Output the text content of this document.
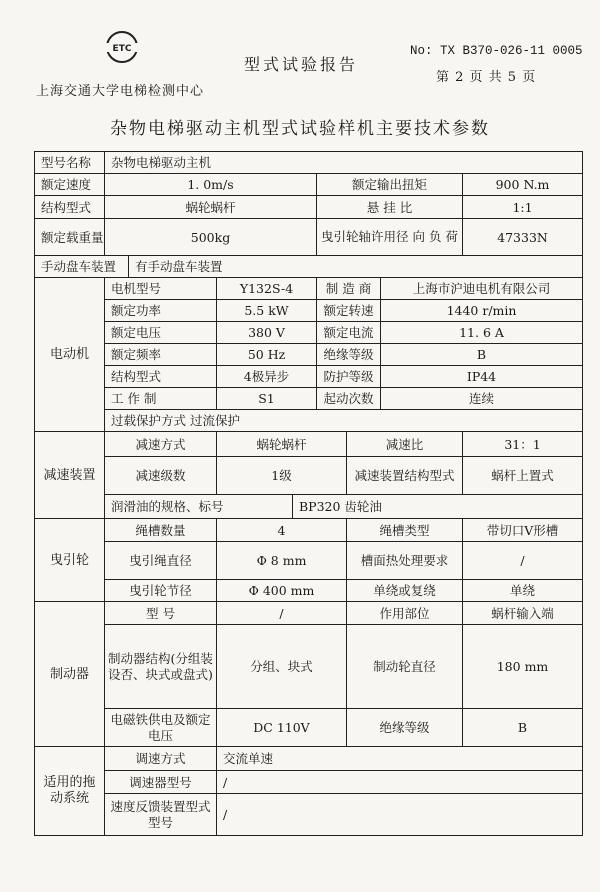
ETC
上海交通大学电梯检测中心
型式试验报告
No: TX B370-026-11 0005
第 2 页 共 5 页
杂物电梯驱动主机型式试验样机主要技术参数
型号名称	杂物电梯驱动主机							
额定速度	1. 0m/s				额定输出扭矩			900 N.m
结构型式	蜗轮蜗杆				悬 挂 比			1:1
额定载重量	500kg				曳引轮轴许用径 向 负 荷			47333N
手动盘车装置		有手动盘车装置						
电动机	电机型号		Y132S-4		制 造 商		上海市沪迪电机有限公司	
	额定功率		5.5 kW		额定转速		1440 r/min	
	额定电压		380 V		额定电流		11. 6 A	
	额定频率		50 Hz		绝缘等级		B	
	结构型式		4极异步		防护等级		IP44	
	工 作 制		S1		起动次数		连续	
	过载保护方式 过流保护							
减速装置	减速方式		蜗轮蜗杆			减速比		31：1
	减速级数		1级			减速装置结构型式		蜗杆上置式
	润滑油的规格、标号			BP320 齿轮油				
曳引轮	绳槽数量		4			绳槽类型		带切口V形槽
	曳引绳直径		Φ 8 mm			槽面热处理要求		/
	曳引轮节径		Φ 400 mm			单绕或复绕		单绕
制动器	型 号		/			作用部位		蜗杆输入端
	制动器结构(分组装设否、块式或盘式)		分组、块式			制动轮直径		180 mm
	电磁铁供电及额定电压		DC 110V			绝缘等级		B
适用的拖动系统	调速方式		交流单速					
	调速器型号		/					
	速度反馈装置型式型号		/					
